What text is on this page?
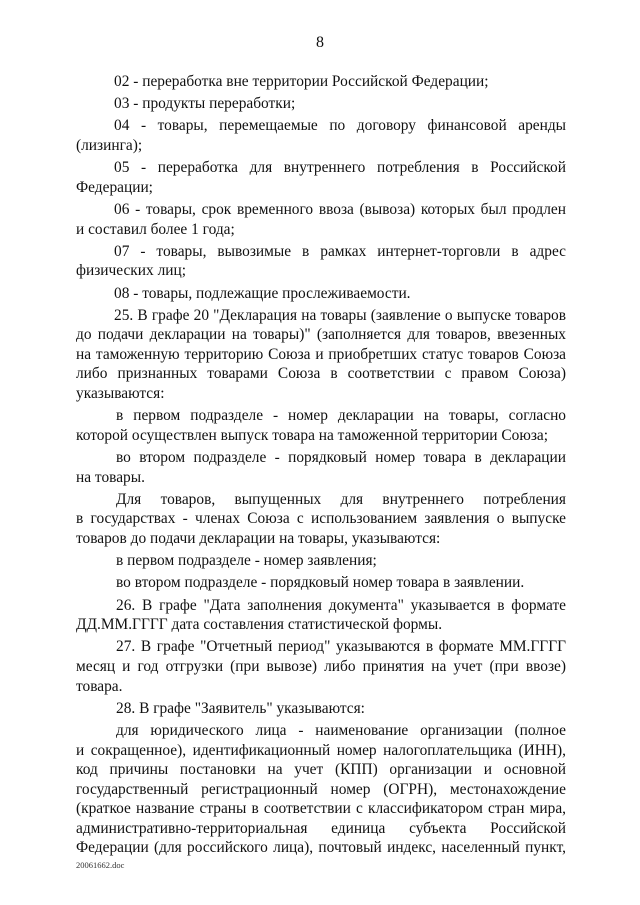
8
02 - переработка вне территории Российской Федерации;
03 - продукты переработки;
04 - товары, перемещаемые по договору финансовой аренды
(лизинга);
05 - переработка для внутреннего потребления в Российской
Федерации;
06 - товары, срок временного ввоза (вывоза) которых был продлен
и составил более 1 года;
07 - товары, вывозимые в рамках интернет-торговли в адрес
физических лиц;
08 - товары, подлежащие прослеживаемости.
25. В графе 20 "Декларация на товары (заявление о выпуске товаров
до подачи декларации на товары)" (заполняется для товаров, ввезенных
на таможенную территорию Союза и приобретших статус товаров Союза
либо признанных товарами Союза в соответствии с правом Союза)
указываются:
в первом подразделе - номер декларации на товары, согласно
которой осуществлен выпуск товара на таможенной территории Союза;
во втором подразделе - порядковый номер товара в декларации
на товары.
Для товаров, выпущенных для внутреннего потребления
в государствах - членах Союза с использованием заявления о выпуске
товаров до подачи декларации на товары, указываются:
в первом подразделе - номер заявления;
во втором подразделе - порядковый номер товара в заявлении.
26. В графе "Дата заполнения документа" указывается в формате
ДД.ММ.ГГГГ дата составления статистической формы.
27. В графе "Отчетный период" указываются в формате ММ.ГГГГ
месяц и год отгрузки (при вывозе) либо принятия на учет (при ввозе)
товара.
28. В графе "Заявитель" указываются:
для юридического лица - наименование организации (полное
и сокращенное), идентификационный номер налогоплательщика (ИНН),
код причины постановки на учет (КПП) организации и основной
государственный регистрационный номер (ОГРН), местонахождение
(краткое название страны в соответствии с классификатором стран мира,
административно-территориальная единица субъекта Российской
Федерации (для российского лица), почтовый индекс, населенный пункт,
20061662.doc
